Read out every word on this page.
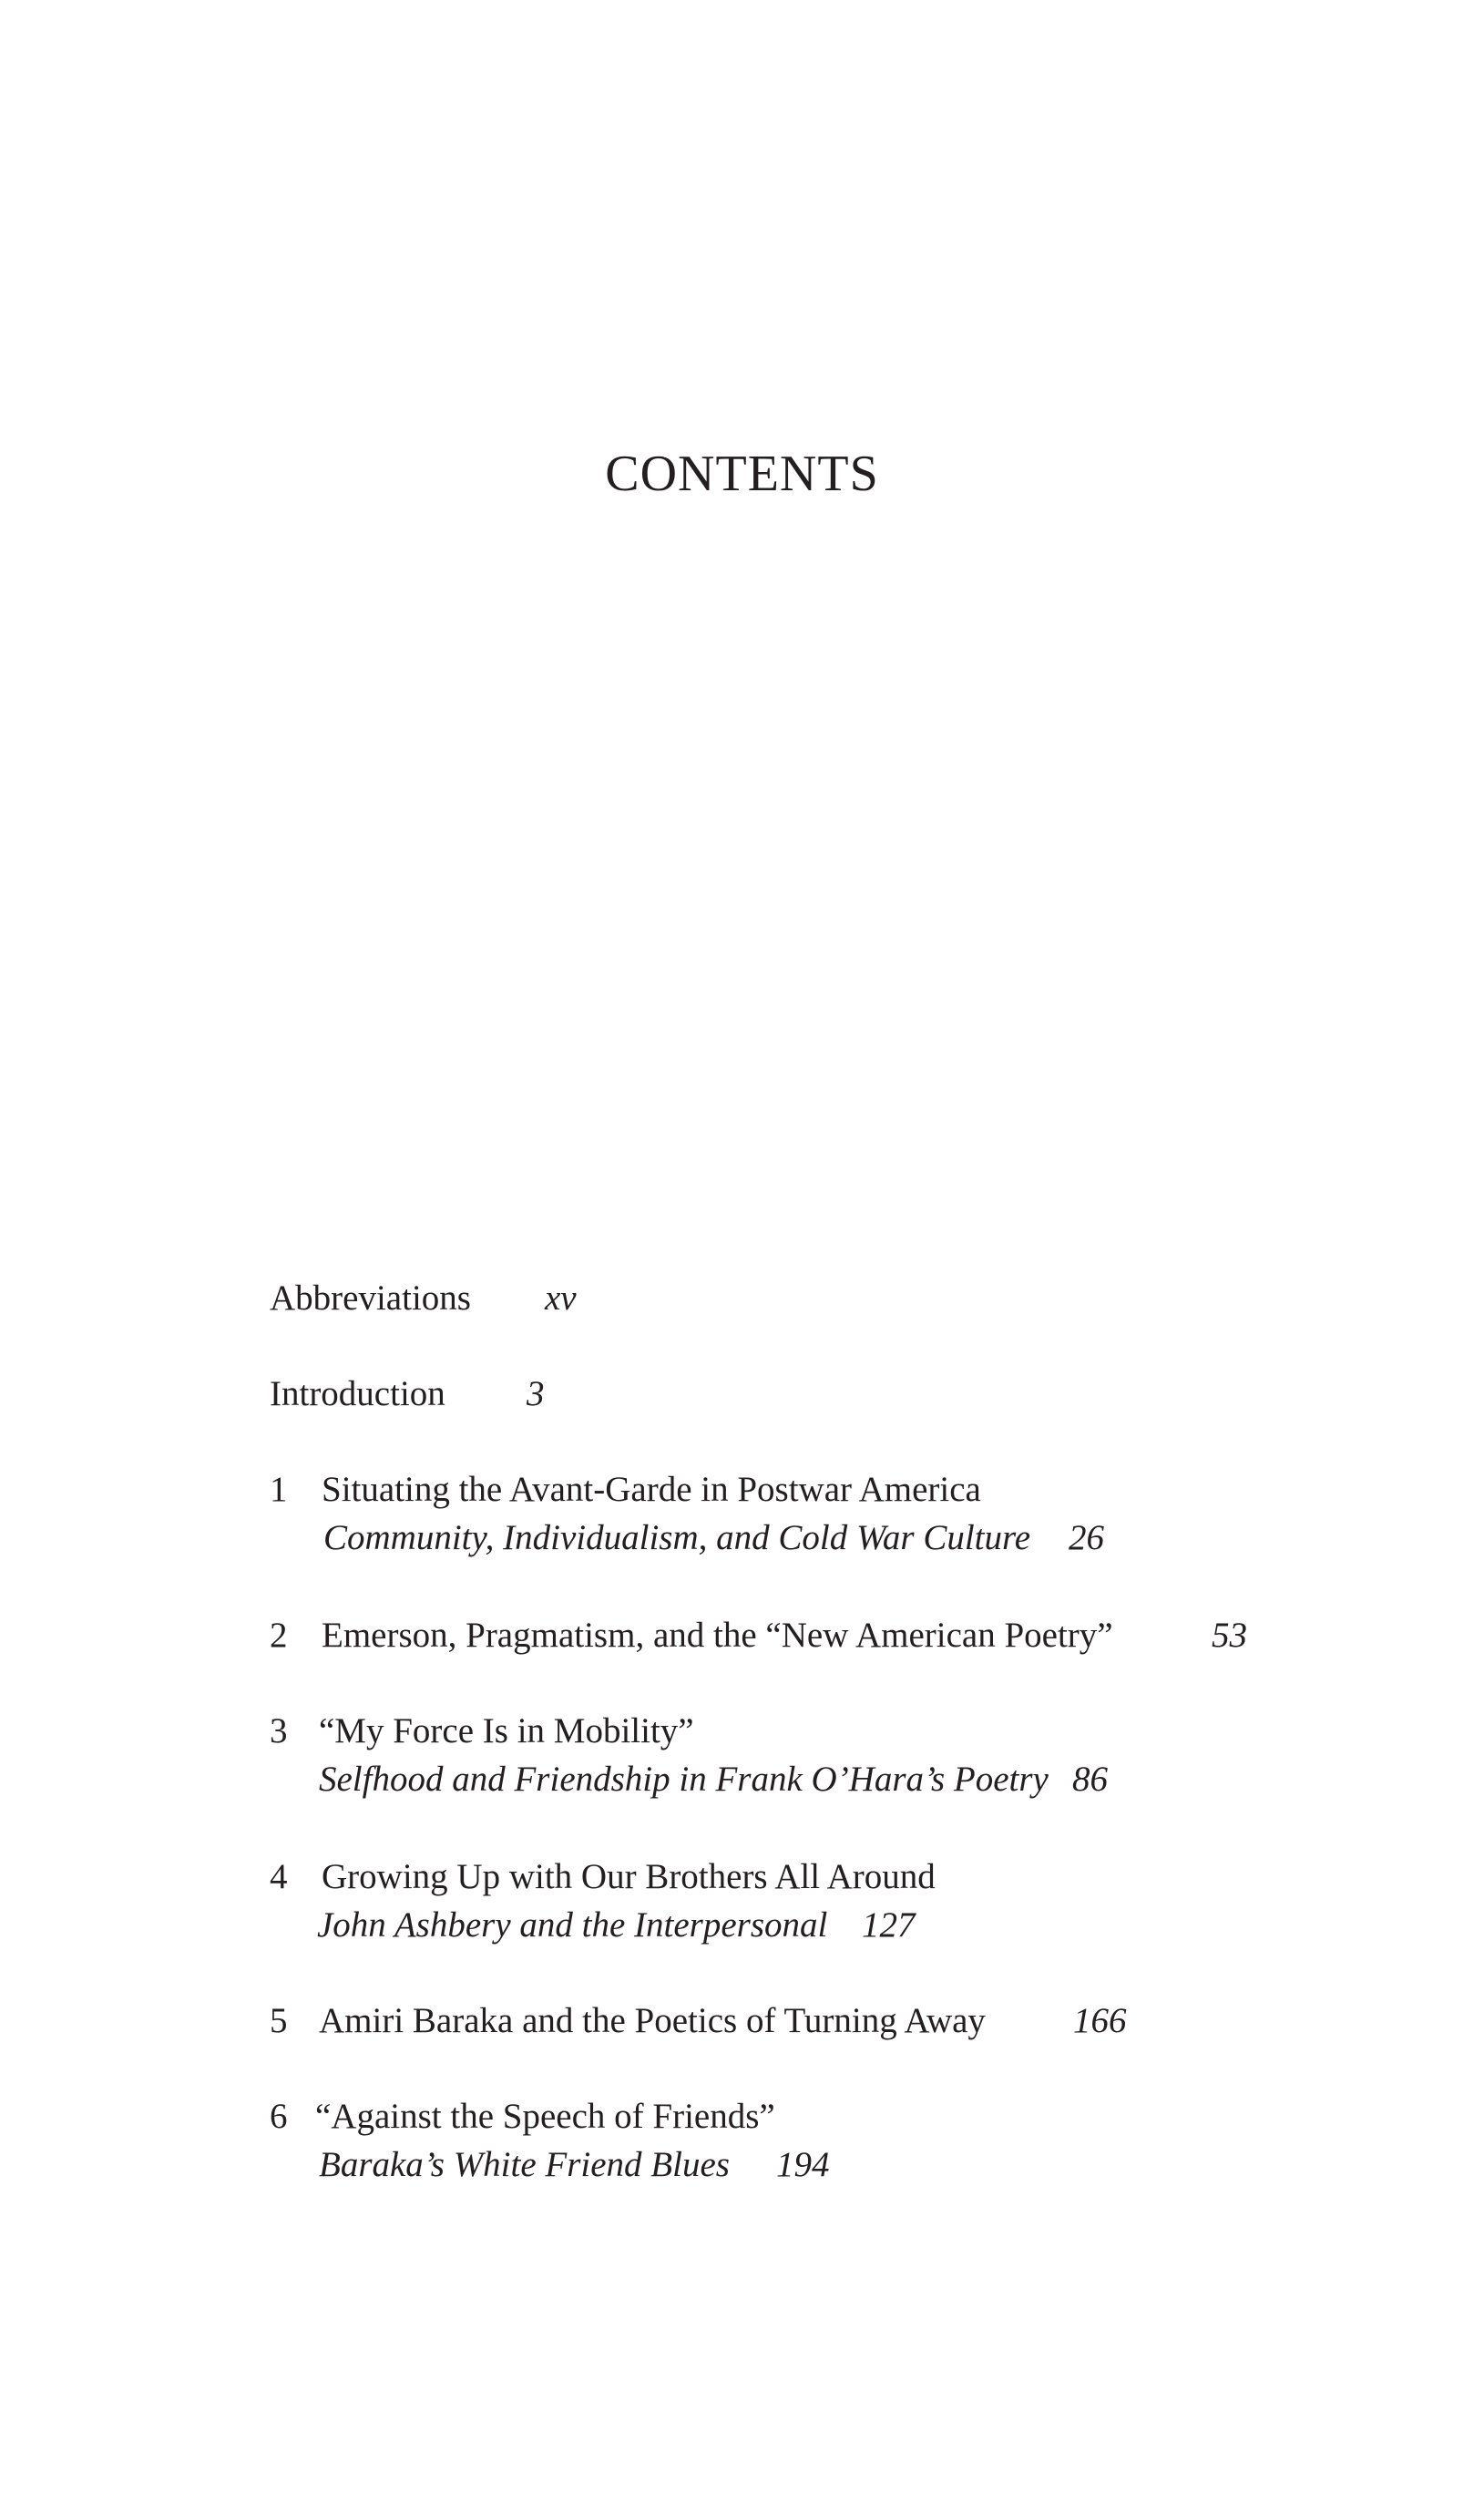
CONTENTS
Abbreviations xv
Introduction 3
1 Situating the Avant-Garde in Postwar America
Community, Individualism, and Cold War Culture 26
2 Emerson, Pragmatism, and the “New American Poetry”	53
3 “My Force Is in Mobility”
Selfhood and Friendship in Frank O’Hara’s Poetry 86
4 Growing Up with Our Brothers All Around
John Ashbery and the Interpersonal 127
5 Amiri Baraka and the Poetics of Turning Away 166
6 “Against the Speech of Friends”
Baraka’s White Friend Blues 194
